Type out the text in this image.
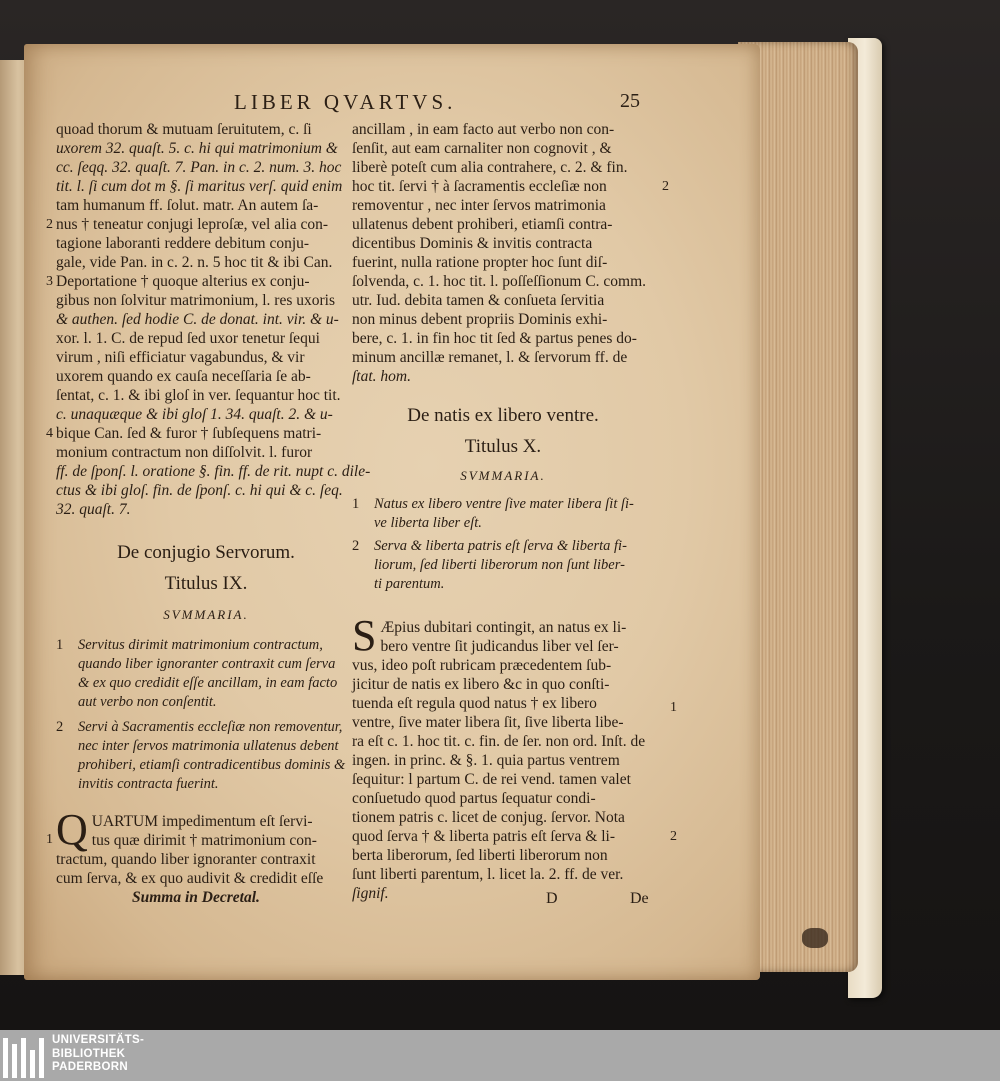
LIBER QVARTVS.	25
quoad thorum & mutuam ſeruitutem, c. ſi
uxorem 32. quaſt. 5. c. hi qui matrimonium &
cc. ſeqq. 32. quaſt. 7. Pan. in c. 2. num. 3. hoc
tit. l. ſi cum dot m §. ſi maritus verſ. quid enim
tam humanum ff. ſolut. matr. An autem ſa-
2 nus † teneatur conjugi leproſæ, vel alia con-
tagione laboranti reddere debitum conju-
gale, vide Pan. in c. 2. n. 5 hoc tit & ibi Can.
3 Deportatione † quoque alterius ex conju-
gibus non ſolvitur matrimonium, l. res uxoris
& authen. ſed hodie C. de donat. int. vir. & u-
xor. l. 1. C. de repud ſed uxor tenetur ſequi
virum , niſi efficiatur vagabundus, & vir
uxorem quando ex cauſa neceſſaria ſe ab-
ſentat, c. 1. & ibi gloſ in ver. ſequantur hoc tit.
c. unaquæque & ibi gloſ 1. 34. quaſt. 2. & u-
4 bique Can. ſed & furor † ſubſequens matri-
monium contractum non diſſolvit. l. furor
ff. de ſponſ. l. oratione §. fin. ff. de rit. nupt c. dile-
ctus & ibi gloſ. fin. de ſponſ. c. hi qui & c. ſeq.
32. quaſt. 7.
De conjugio Servorum.
Titulus IX.
SVMMARIA.
1 Servitus dirimit matrimonium contractum,
quando liber ignoranter contraxit cum ſerva
& ex quo credidit eſſe ancillam, in eam facto
aut verbo non conſentit.
2 Servi à Sacramentis eccleſiæ non removentur,
nec inter ſervos matrimonia ullatenus debent
prohiberi, etiamſi contradicentibus dominis &
invitis contracta fuerint.
1 Q UARTUM impedimentum eſt ſervi-
tus quæ dirimit † matrimonium con-
tractum, quando liber ignoranter contraxit
cum ſerva, & ex quo audivit & credidit eſſe
Summa in Decretal.
ancillam , in eam facto aut verbo non con-
ſenſit, aut eam carnaliter non cognovit , &
liberè poteſt cum alia contrahere, c. 2. & fin.
hoc tit. ſervi † à ſacramentis eccleſiæ non	2
removentur , nec inter ſervos matrimonia
ullatenus debent prohiberi, etiamſi contra-
dicentibus Dominis & invitis contracta
fuerint, nulla ratione propter hoc ſunt diſ-
ſolvenda, c. 1. hoc tit. l. poſſeſſionum C. comm.
utr. Iud. debita tamen & conſueta ſervitia
non minus debent propriis Dominis exhi-
bere, c. 1. in fin hoc tit ſed & partus penes do-
minum ancillæ remanet, l. & ſervorum ff. de
ſtat. hom.
De natis ex libero ventre.
Titulus X.
SVMMARIA.
1 Natus ex libero ventre ſive mater libera ſit ſi-
ve liberta liber eſt.
2 Serva & liberta patris eſt ſerva & liberta fi-
liorum, ſed liberti liberorum non ſunt liber-
ti parentum.
S Æpius dubitari contingit, an natus ex li-
bero ventre ſit judicandus liber vel ſer-
vus, ideo poſt rubricam præcedentem ſub-
jicitur de natis ex libero &c in quo conſti-
tuenda eſt regula quod natus † ex libero	1
ventre, ſive mater libera ſit, ſive liberta libe-
ra eſt c. 1. hoc tit. c. fin. de ſer. non ord. Inſt. de
ingen. in princ. & §. 1. quia partus ventrem
ſequitur: l partum C. de rei vend. tamen valet
conſuetudo quod partus ſequatur condi-
tionem patris c. licet de conjug. ſervor. Nota
quod ſerva † & liberta patris eſt ſerva & li-	2
berta liberorum, ſed liberti liberorum non
ſunt liberti parentum, l. licet la. 2. ff. de ver.
ſignif.	D	De
UNIVERSITÄTS-
BIBLIOTHEK
PADERBORN
